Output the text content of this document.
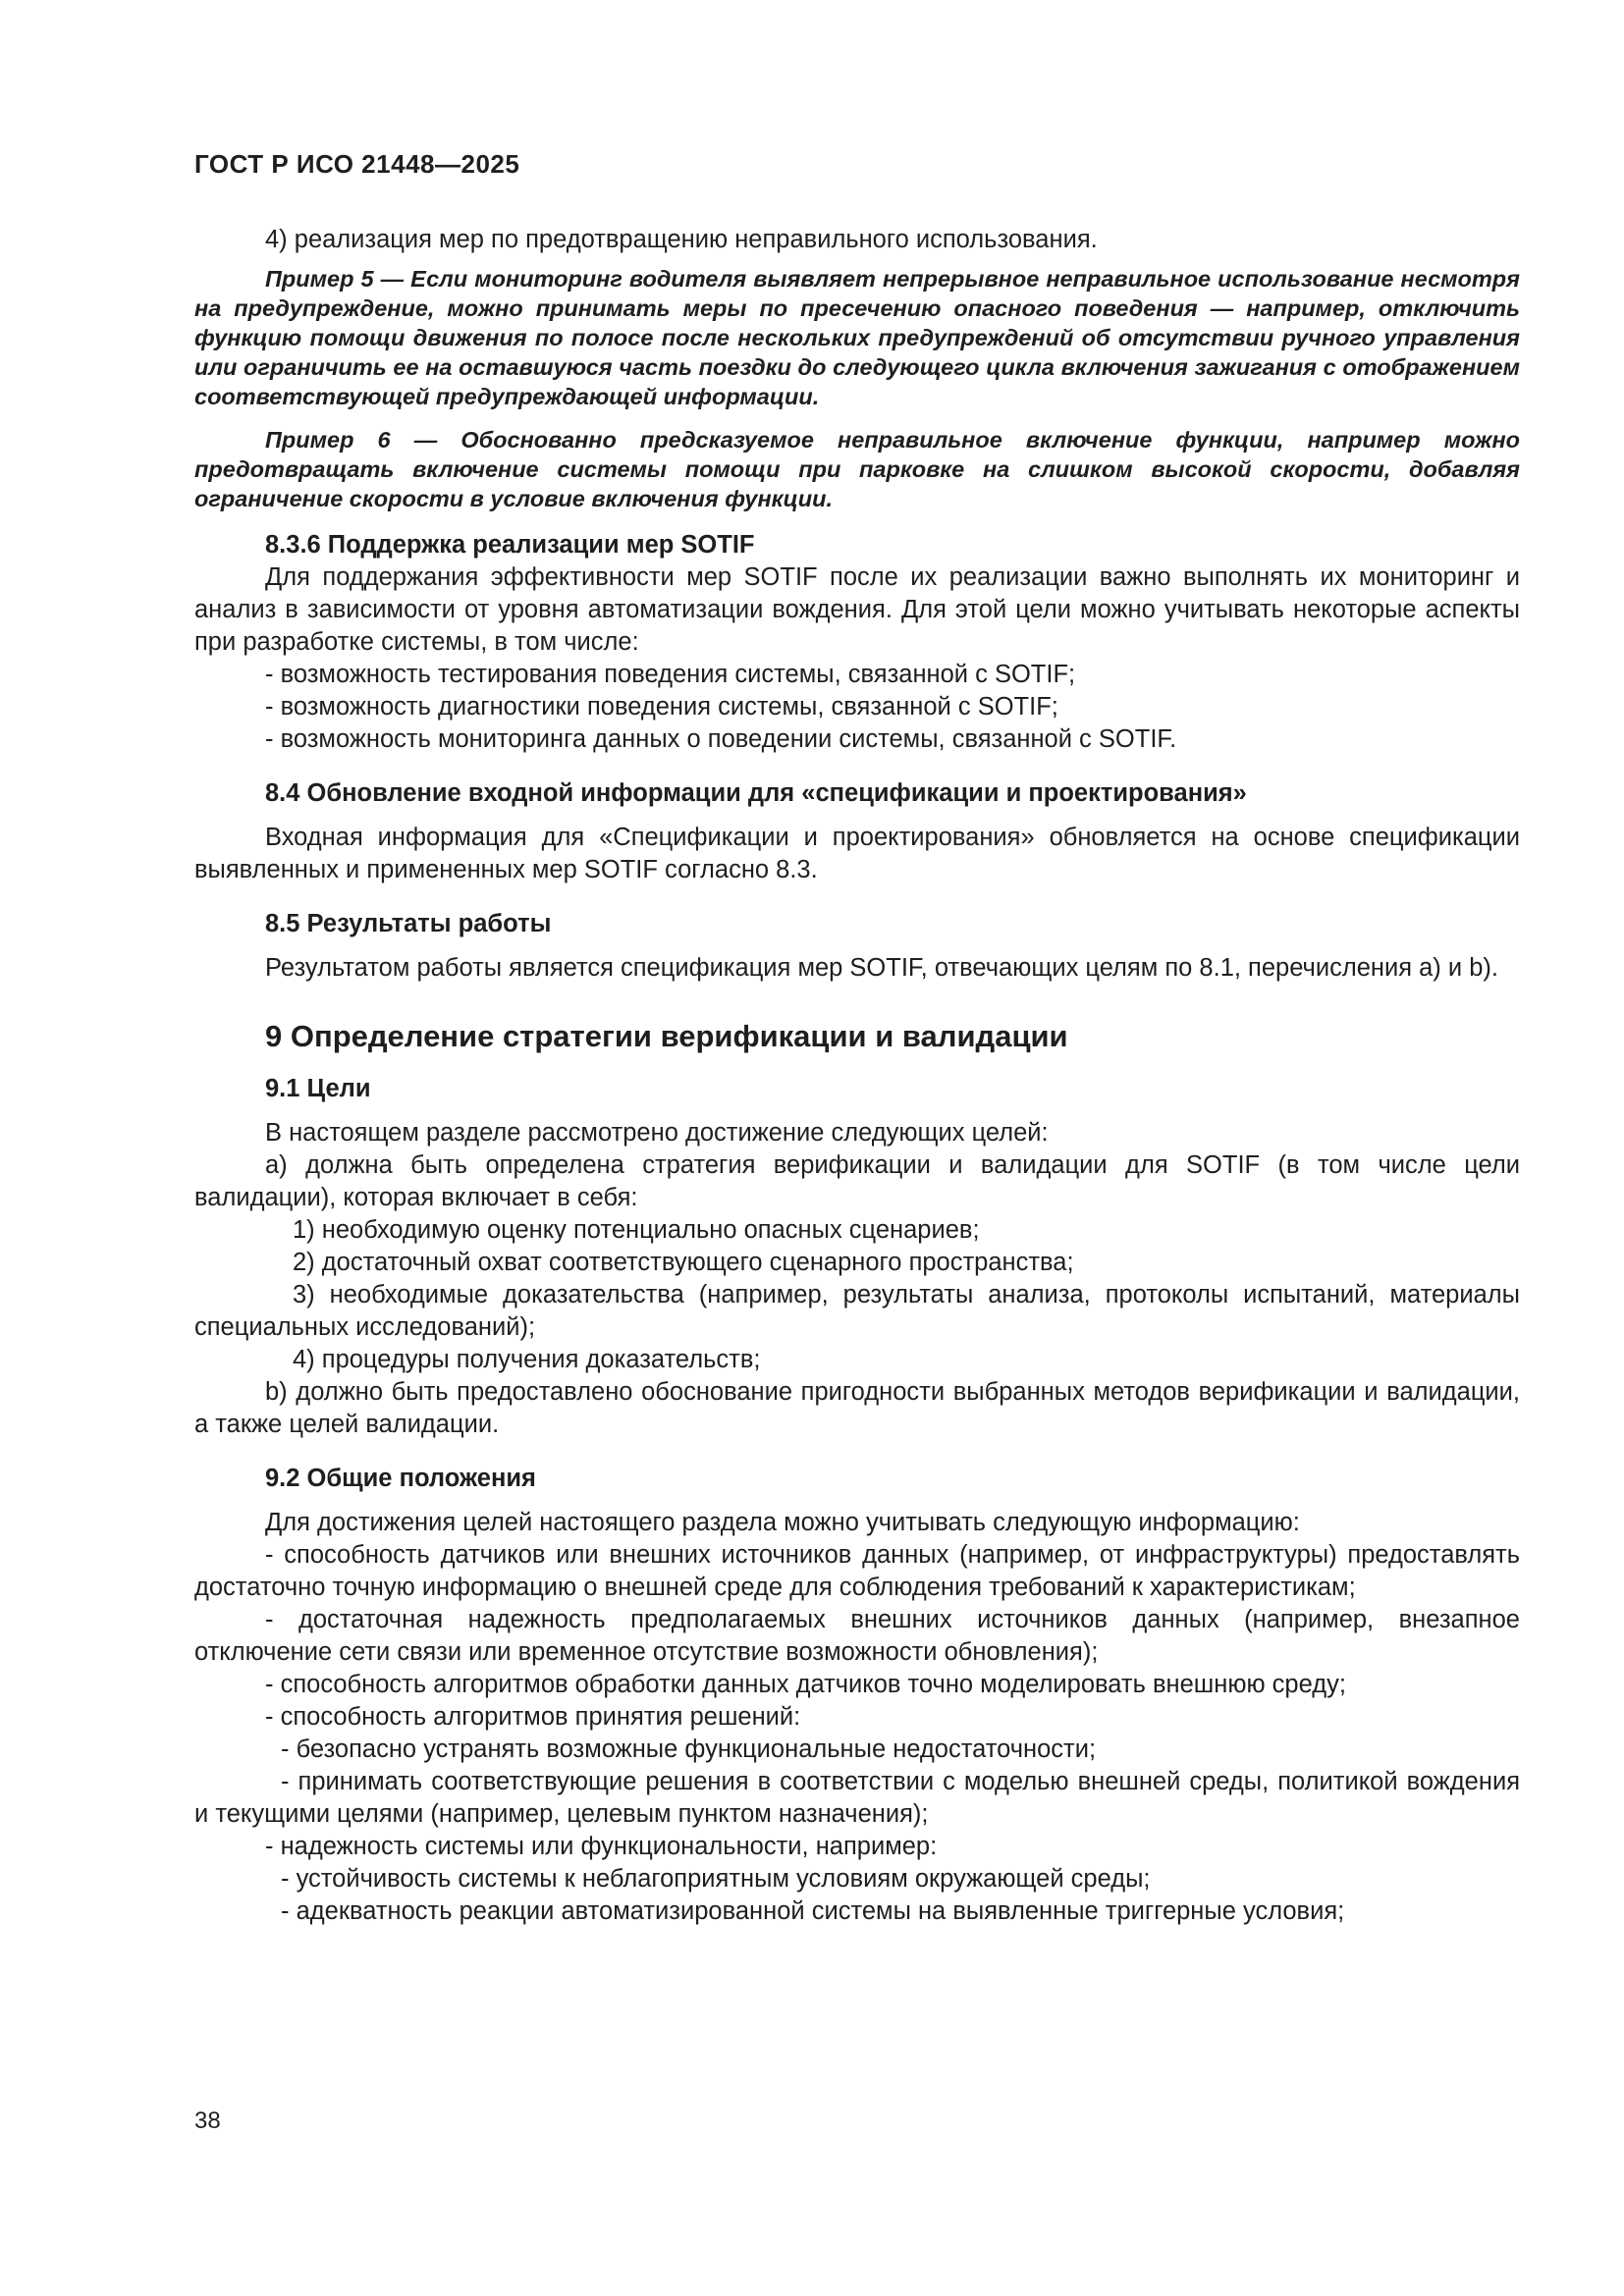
ГОСТ Р ИСО 21448—2025

4) реализация мер по предотвращению неправильного использования.

Пример 5 — Если мониторинг водителя выявляет непрерывное неправильное использование несмотря на предупреждение, можно принимать меры по пресечению опасного поведения — например, отключить функцию помощи движения по полосе после нескольких предупреждений об отсутствии ручного управления или ограничить ее на оставшуюся часть поездки до следующего цикла включения зажигания с отображением соответствующей предупреждающей информации.

Пример 6 — Обоснованно предсказуемое неправильное включение функции, например можно предотвращать включение системы помощи при парковке на слишком высокой скорости, добавляя ограничение скорости в условие включения функции.

8.3.6 Поддержка реализации мер SOTIF

Для поддержания эффективности мер SOTIF после их реализации важно выполнять их мониторинг и анализ в зависимости от уровня автоматизации вождения. Для этой цели можно учитывать некоторые аспекты при разработке системы, в том числе:

- возможность тестирования поведения системы, связанной с SOTIF;

- возможность диагностики поведения системы, связанной с SOTIF;

- возможность мониторинга данных о поведении системы, связанной с SOTIF.

8.4 Обновление входной информации для «спецификации и проектирования»

Входная информация для «Спецификации и проектирования» обновляется на основе спецификации выявленных и примененных мер SOTIF согласно 8.3.

8.5 Результаты работы

Результатом работы является спецификация мер SOTIF, отвечающих целям по 8.1, перечисления a) и b).

9 Определение стратегии верификации и валидации

9.1 Цели

В настоящем разделе рассмотрено достижение следующих целей:

a) должна быть определена стратегия верификации и валидации для SOTIF (в том числе цели валидации), которая включает в себя:

1) необходимую оценку потенциально опасных сценариев;

2) достаточный охват соответствующего сценарного пространства;

3) необходимые доказательства (например, результаты анализа, протоколы испытаний, материалы специальных исследований);

4) процедуры получения доказательств;

b) должно быть предоставлено обоснование пригодности выбранных методов верификации и валидации, а также целей валидации.

9.2 Общие положения

Для достижения целей настоящего раздела можно учитывать следующую информацию:

- способность датчиков или внешних источников данных (например, от инфраструктуры) предоставлять достаточно точную информацию о внешней среде для соблюдения требований к характеристикам;

- достаточная надежность предполагаемых внешних источников данных (например, внезапное отключение сети связи или временное отсутствие возможности обновления);

- способность алгоритмов обработки данных датчиков точно моделировать внешнюю среду;

- способность алгоритмов принятия решений:

- безопасно устранять возможные функциональные недостаточности;

- принимать соответствующие решения в соответствии с моделью внешней среды, политикой вождения и текущими целями (например, целевым пунктом назначения);

- надежность системы или функциональности, например:

- устойчивость системы к неблагоприятным условиям окружающей среды;

- адекватность реакции автоматизированной системы на выявленные триггерные условия;

38
